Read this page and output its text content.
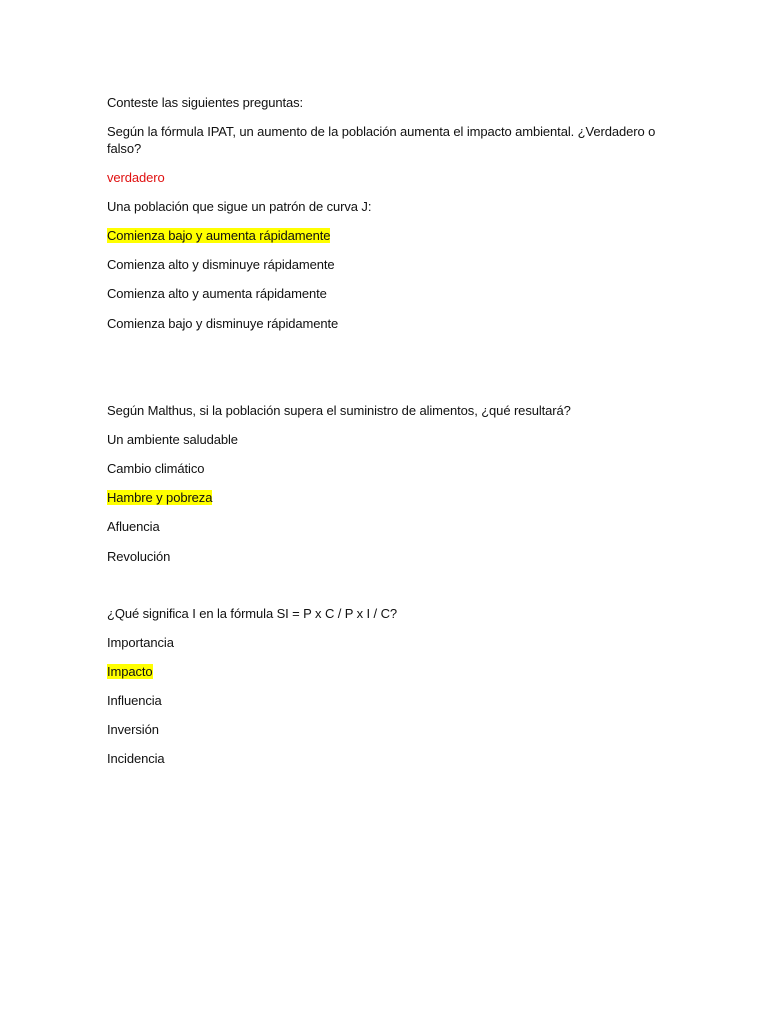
Conteste las siguientes preguntas:
Según la fórmula IPAT, un aumento de la población aumenta el impacto ambiental. ¿Verdadero o falso?
verdadero
Una población que sigue un patrón de curva J:
Comienza bajo y aumenta rápidamente
Comienza alto y disminuye rápidamente
Comienza alto y aumenta rápidamente
Comienza bajo y disminuye rápidamente
Según Malthus, si la población supera el suministro de alimentos, ¿qué resultará?
Un ambiente saludable
Cambio climático
Hambre y pobreza
Afluencia
Revolución
¿Qué significa I en la fórmula SI = P x C / P x I / C?
Importancia
Impacto
Influencia
Inversión
Incidencia
